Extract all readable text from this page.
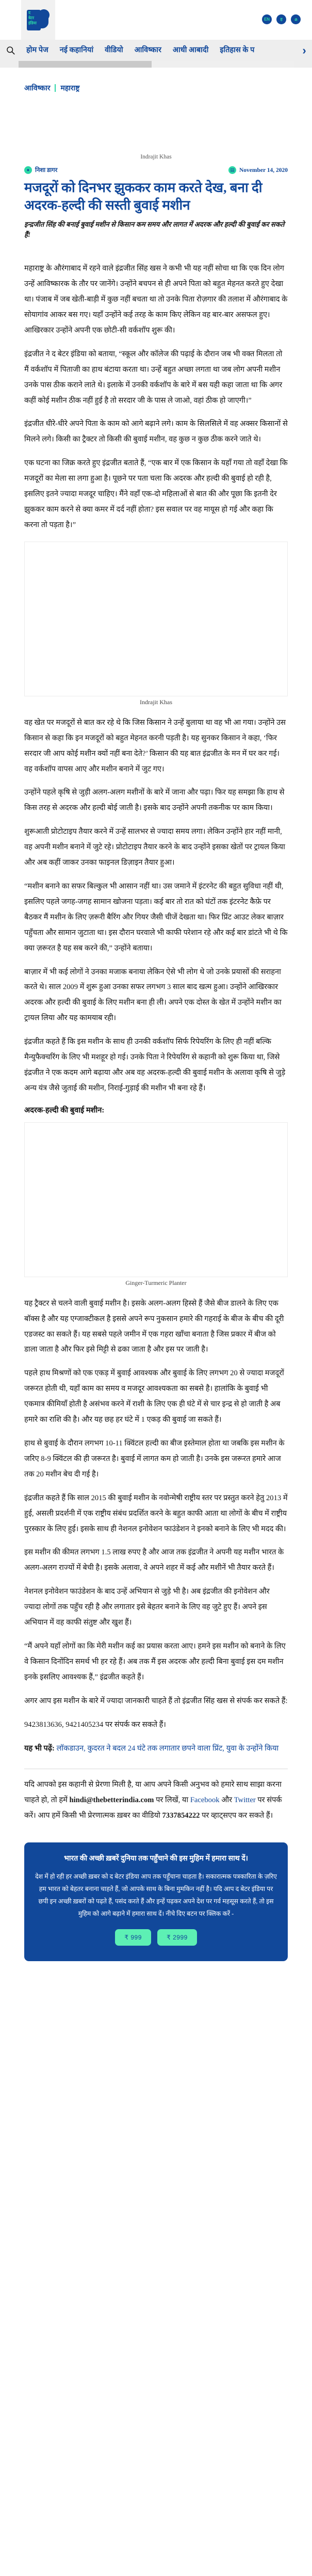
द
बेटर
इंडिया
EN	ह	മ
होम पेज	नई कहानियां	वीडियो	आविष्कार	आधी आबादी	इतिहास के प	›
आविष्कार महाराष्ट्र
Indrajit Khas
● निशा डागर	▤ November 14, 2020
मजदूरों को दिनभर झुककर काम करते देख, बना दी अदरक-हल्दी की सस्ती बुवाई मशीन
इन्द्रजीत सिंह की बनाई बुवाई मशीन से किसान कम समय और लागत में अदरक और हल्दी की बुवाई कर सकते हैं!

महाराष्ट्र के औरंगाबाद में रहने वाले इंद्रजीत सिंह खस ने कभी भी यह नहीं सोचा था कि एक दिन लोग उन्हें आविष्कारक के तौर पर जानेंगे। उन्होंने बचपन से ही अपने पिता को बहुत मेहनत करते हुए देखा था। पंजाब में जब खेती-बाड़ी में कुछ नहीं बचता था तो उनके पिता रोज़गार की तलाश में औरंगाबाद के सोयागांव आकर बस गए। यहाँ उन्होंने कई तरह के काम किए लेकिन वह बार-बार असफल हुए। आखिरकार उन्होंने अपनी एक छोटी-सी वर्कशॉप शुरू की।

इंद्रजीत ने द बेटर इंडिया को बताया, “स्कूल और कॉलेज की पढ़ाई के दौरान जब भी वक्त मिलता तो मैं वर्कशॉप में पिताजी का हाथ बंटाया करता था। उन्हें बहुत अच्छा लगता था जब लोग अपनी मशीन उनके पास ठीक कराने लाते थे। इलाके में उनकी वर्कशॉप के बारे में बस यही कहा जाता था कि अगर कहीं कोई मशीन ठीक नहीं हुई है तो सरदार जी के पास ले जाओ, वहां ठीक हो जाएगी।”

इंद्रजीत धीरे-धीरे अपने पिता के काम को आगे बढ़ाने लगे। काम के सिलसिले में वह अक्सर किसानों से मिलने लगे। किसी का ट्रैक्टर तो किसी की बुवाई मशीन, वह कुछ न कुछ ठीक करने जाते थे।

एक घटना का जिक्र करते हुए इंद्रजीत बताते हैं, “एक बार में एक किसान के यहाँ गया तो वहाँ देखा कि मजदूरों का मेला सा लगा हुआ है। पूछने पर पता चला कि अदरक और हल्दी की बुवाई हो रही है, इसलिए इतने ज्यादा मजदूर चाहिए। मैंने वहाँ एक-दो महिलाओं से बात की और पूछा कि इतनी देर झुककर काम करने से क्या कमर में दर्द नहीं होता? इस सवाल पर वह मायूस हो गई और कहा कि करना तो पड़ता है।”

Indrajit Khas

वह खेत पर मजदूरों से बात कर रहे थे कि जिस किसान ने उन्हें बुलाया था वह भी आ गया। उन्होंने उस किसान से कहा कि इन मजदूरों को बहुत मेहनत करनी पड़ती है। यह सुनकर किसान ने कहा, ‘फिर सरदार जी आप कोई मशीन क्यों नहीं बना देते?’ किसान की यह बात इंद्रजीत के मन में घर कर गई। वह वर्कशॉप वापस आए और मशीन बनाने में जुट गए।

उन्होंने पहले कृषि से जुड़ी अलग-अलग मशीनों के बारे में जाना और पढ़ा। फिर यह समझा कि हाथ से किस तरह से अदरक और हल्दी बोई जाती है। इसके बाद उन्होंने अपनी तकनीक पर काम किया।

शुरूआती प्रोटोटाइप तैयार करने में उन्हें सालभर से ज्यादा समय लगा। लेकिन उन्होंने हार नहीं मानी, वह अपनी मशीन बनाने में जुटे रहे। प्रोटोटाइप तैयार करने के बाद उन्होंने इसका खेतों पर ट्रायल किया और अब कहीं जाकर उनका फाइनल डिज़ाइन तैयार हुआ।

“मशीन बनाने का सफर बिल्कुल भी आसान नहीं था। उस जमाने में इंटरनेट की बहुत सुविधा नहीं थी, इसलिए पहले जगह-जगह सामान खोजना पड़ता। कई बार तो रात को घंटों तक इंटरनेट कैफ़े पर बैठकर मैं मशीन के लिए ज़रूरी बैरिंग और गियर जैसी चीजें देखता था। फिर प्रिंट आउट लेकर बाज़ार पहुँचता और सामान जुटाता था। इस दौरान घरवाले भी काफी परेशान रहे और कई बार डांटते भी थे कि क्या ज़रूरत है यह सब करने की,” उन्होंने बताया।

बाज़ार में भी कई लोगों ने उनका मजाक बनाया लेकिन ऐसे भी लोग थे जो उनके प्रयासों की सराहना करते थे। साल 2009 में शुरू हुआ उनका सफर लगभग 3 साल बाद खत्म हुआ। उन्होंने आखिरकार अदरक और हल्दी की बुवाई के लिए मशीन बना ही ली। अपने एक दोस्त के खेत में उन्होंने मशीन का ट्रायल लिया और यह कामयाब रही।

इंद्रजीत कहते हैं कि इस मशीन के साथ ही उनकी वर्कशॉप सिर्फ रिपेयरिंग के लिए ही नहीं बल्कि मैन्युफैक्चरिंग के लिए भी मशहूर हो गई। उनके पिता ने रिपेयरिंग से कहानी को शुरू किया था, जिसे इंद्रजीत ने एक कदम आगे बढ़ाया और अब वह अदरक-हल्दी की बुवाई मशीन के अलावा कृषि से जुड़े अन्य यंत्र जैसे जुताई की मशीन, निराई-गुड़ाई की मशीन भी बना रहे हैं।

अदरक-हल्दी की बुवाई मशीन:
Ginger-Turmeric Planter

यह ट्रैक्टर से चलने वाली बुवाई मशीन है। इसके अलग-अलग हिस्से हैं जैसे बीज डालने के लिए एक बॉक्स है और यह एग्जाक्टीकल है इससे अपने रूप नुकसान हमारे की गहराई के बीज के बीच की दूरी एडजस्ट का सकते हैं। यह सबसे पहले जमीन में एक गहरा खाँचा बनाता है जिस प्रकार में बीज को डाला जाता है और फिर इसे मिट्टी से ढका जाता है और इस पर जाती है।

पहले हाथ मिश्रणों को एक एकड़ में बुवाई आवश्यक और बुवाई के लिए लगभग 20 से ज्यादा मजदूरों जरूरत होती थी, यहाँ काम का समय व मजदूर आवश्यकता का सबसे है। हालांकि के बुवाई भी एकमात्र कीमियाँ होती है असंभव करने में राशी के लिए एक ही घंटे में से चार इन्द्र से हो जाती है अब हमारे का राशि की है। और यह छह हर घंटे में 1 एकड़ की बुवाई जा सकते हैं।

हाथ से बुवाई के दौरान लगभग 10-11 क्विंटल हल्दी का बीज इस्तेमाल होता था जबकि इस मशीन के जरिए 8-9 क्विंटल की ही जरूरत है। बुवाई में लागत कम हो जाती है। उनके इस जरूरत हमारे आज तक 20 मशीन बेच दी गई है।

इंद्रजीत कहते हैं कि साल 2015 की बुवाई मशीन के नवोन्मेषी राष्ट्रीय स्तर पर प्रस्तुत करने हेतु 2013 में हुई, असली प्रदर्शनी में एक राष्ट्रीय संबंध प्रदर्शित करने के बहुत काफी आता था लोगों के बीच में राष्ट्रीय पुरस्कार के लिए हुई। इसके साथ ही नेशनल इनोवेशन फाउंडेशन ने इनको बनाने के लिए भी मदद की।

इस मशीन की कीमत लगभग 1.5 लाख रुपए है और आज तक इंद्रजीत ने अपनी यह मशीन भारत के अलग-अलग राज्यों में बेची है। इसके अलावा, वे अपने शहर में कई और मशीनें भी तैयार करते हैं।

नेशनल इनोवेशन फाउंडेशन के बाद उन्हें अभियान से जुड़े भी है। अब इंद्रजीत की इनोवेशन और ज्यादा लोगों तक पहुँच रही है और लगातार इसे बेहतर बनाने के लिए वह जुटे हुए हैं। अपने इस अभियान में वह काफी संतुष्ट और खुश हैं।

“मैं अपने यहाँ लोगों का कि मेरी मशीन कई का प्रयास करता आए। हमने इस मशीन को बनाने के लिए वे किसान दिनोंदिन समर्थ भी हर रहे हैं। अब तक मैं इस अदरक और हल्दी बिना बुवाई इस दम मशीन इनके इसलिए आवश्यक हैं,” इंद्रजीत कहते हैं।

अगर आप इस मशीन के बारे में ज्यादा जानकारी चाहते हैं तो इंद्रजीत सिंह खस से संपर्क कर सकते हैं:

9423813636, 9421405234 पर संपर्क कर सकते हैं।

यह भी पढ़ें: लॉकडाउन, कुदरत ने बदल 24 घंटे तक लगातार छपने वाला प्रिंट, युवा के उन्होंने किया

यदि आपको इस कहानी से प्रेरणा मिली है, या आप अपने किसी अनुभव को हमारे साथ साझा करना चाहते हो, तो हमें hindi@thebetterindia.com पर लिखें, या Facebook और Twitter पर संपर्क करें। आप हमें किसी भी प्रेरणात्मक ख़बर का वीडियो 7337854222 पर व्हाट्सएप कर सकते हैं।

भारत की अच्छी ख़बरें दुनिया तक पहुँचाने की इस मुहिम में हमारा साथ दें।

देश में हो रही हर अच्छी ख़बर को द बेटर इंडिया आप तक पहुँचाना चाहता है। सकारात्मक पत्रकारिता के ज़रिए हम भारत को बेहतर बनाना चाहते हैं, जो आपके साथ के बिना मुमकिन नहीं है। यदि आप द बेटर इंडिया पर छपी इन अच्छी ख़बरों को पढ़ते हैं, पसंद करते हैं और इन्हें पढ़कर अपने देश पर गर्व महसूस करते हैं, तो इस मुहिम को आगे बढ़ाने में हमारा साथ दें। नीचे दिए बटन पर क्लिक करें -

₹ 999	₹ 2999
